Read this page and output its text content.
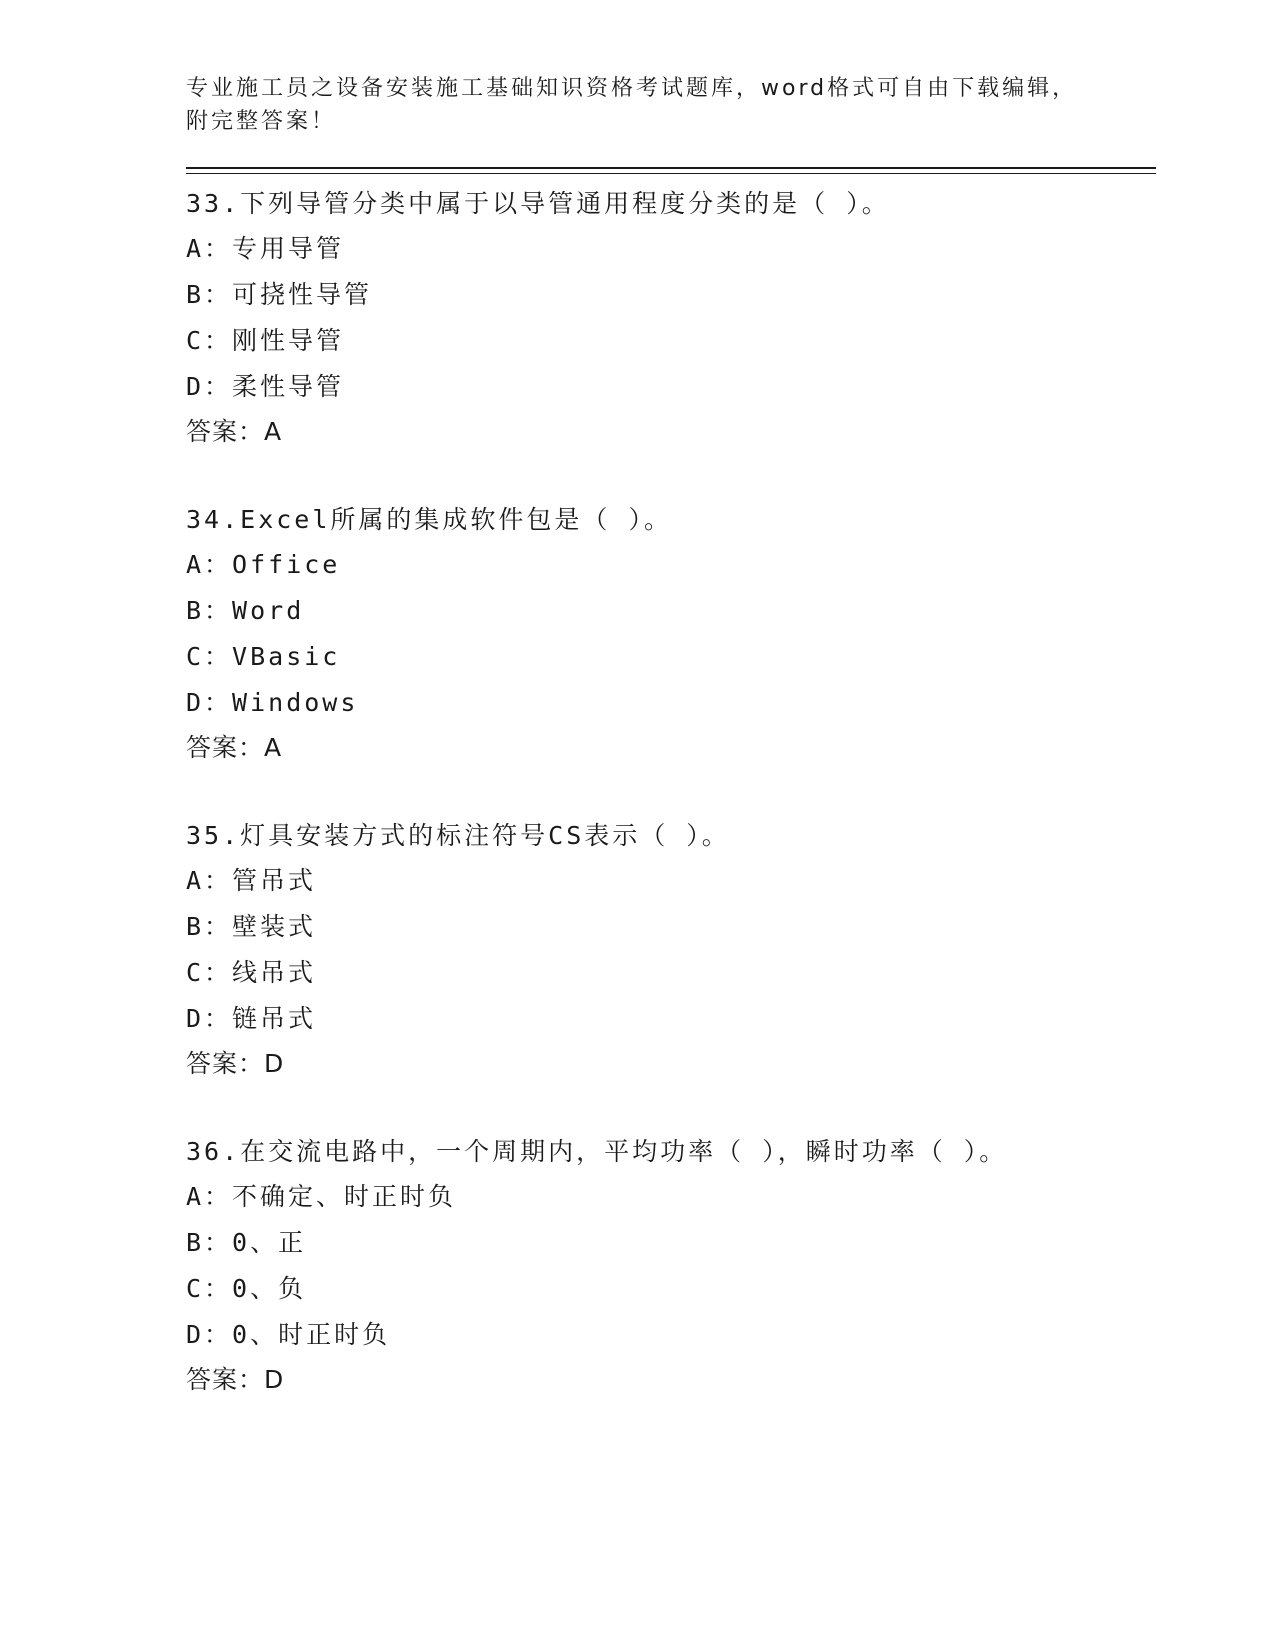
专业施工员之设备安装施工基础知识资格考试题库，word格式可自由下载编辑，
附完整答案！
33.下列导管分类中属于以导管通用程度分类的是（ ）。
A：专用导管
B：可挠性导管
C：刚性导管
D：柔性导管
答案：A
34.Excel所属的集成软件包是（ ）。
A：Office
B：Word
C：VBasic
D：Windows
答案：A
35.灯具安装方式的标注符号CS表示（ ）。
A：管吊式
B：壁装式
C：线吊式
D：链吊式
答案：D
36.在交流电路中，一个周期内，平均功率（ ），瞬时功率（ ）。
A：不确定、时正时负
B：0、正
C：0、负
D：0、时正时负
答案：D
